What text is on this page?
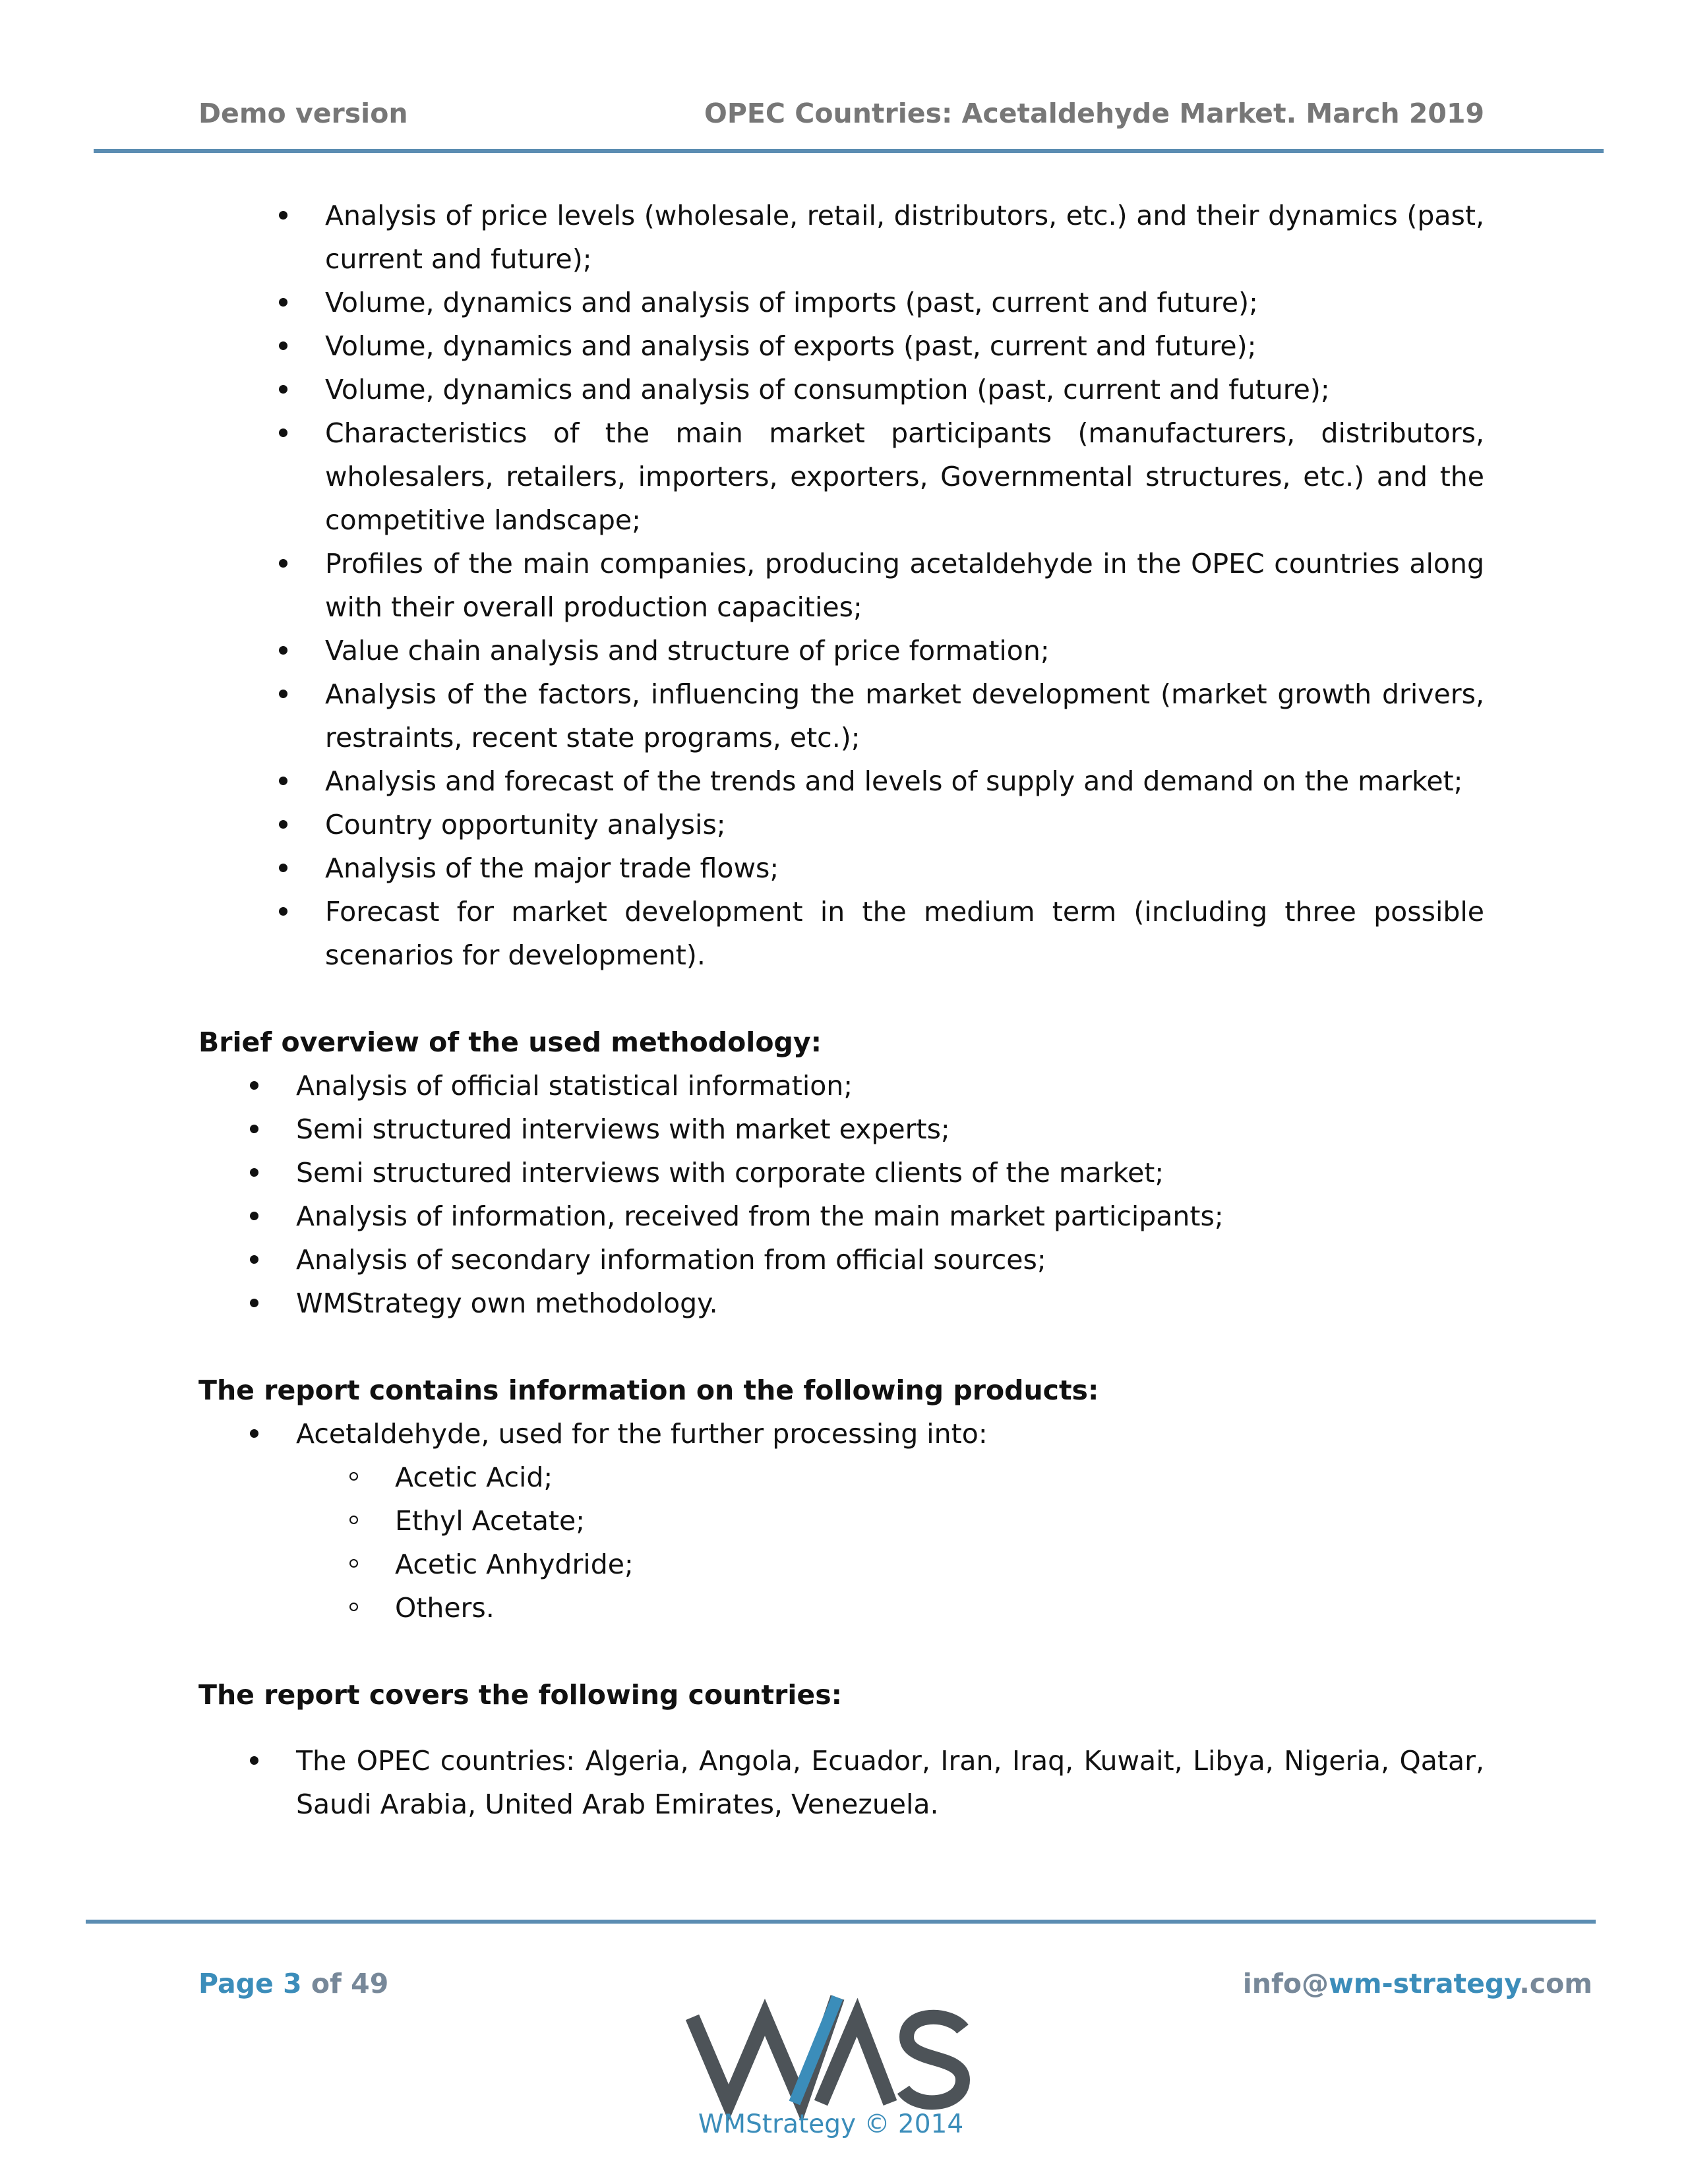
Demo version	OPEC Countries: Acetaldehyde Market. March 2019
Analysis of price levels (wholesale, retail, distributors, etc.) and their dynamics (past, current and future);
Volume, dynamics and analysis of imports (past, current and future);
Volume, dynamics and analysis of exports (past, current and future);
Volume, dynamics and analysis of consumption (past, current and future);
Characteristics of the main market participants (manufacturers, distributors, wholesalers, retailers, importers, exporters, Governmental structures, etc.) and the competitive landscape;
Profiles of the main companies, producing acetaldehyde in the OPEC countries along with their overall production capacities;
Value chain analysis and structure of price formation;
Analysis of the factors, influencing the market development (market growth drivers, restraints, recent state programs, etc.);
Analysis and forecast of the trends and levels of supply and demand on the market;
Country opportunity analysis;
Analysis of the major trade flows;
Forecast for market development in the medium term (including three possible scenarios for development).
Brief overview of the used methodology:
Analysis of official statistical information;
Semi structured interviews with market experts;
Semi structured interviews with corporate clients of the market;
Analysis of information, received from the main market participants;
Analysis of secondary information from official sources;
WMStrategy own methodology.
The report contains information on the following products:
Acetaldehyde, used for the further processing into:
Acetic Acid;
Ethyl Acetate;
Acetic Anhydride;
Others.
The report covers the following countries:
The OPEC countries: Algeria, Angola, Ecuador, Iran, Iraq, Kuwait, Libya, Nigeria, Qatar, Saudi Arabia, United Arab Emirates, Venezuela.
Page 3 of 49	info@wm-strategy.com
WMStrategy © 2014
